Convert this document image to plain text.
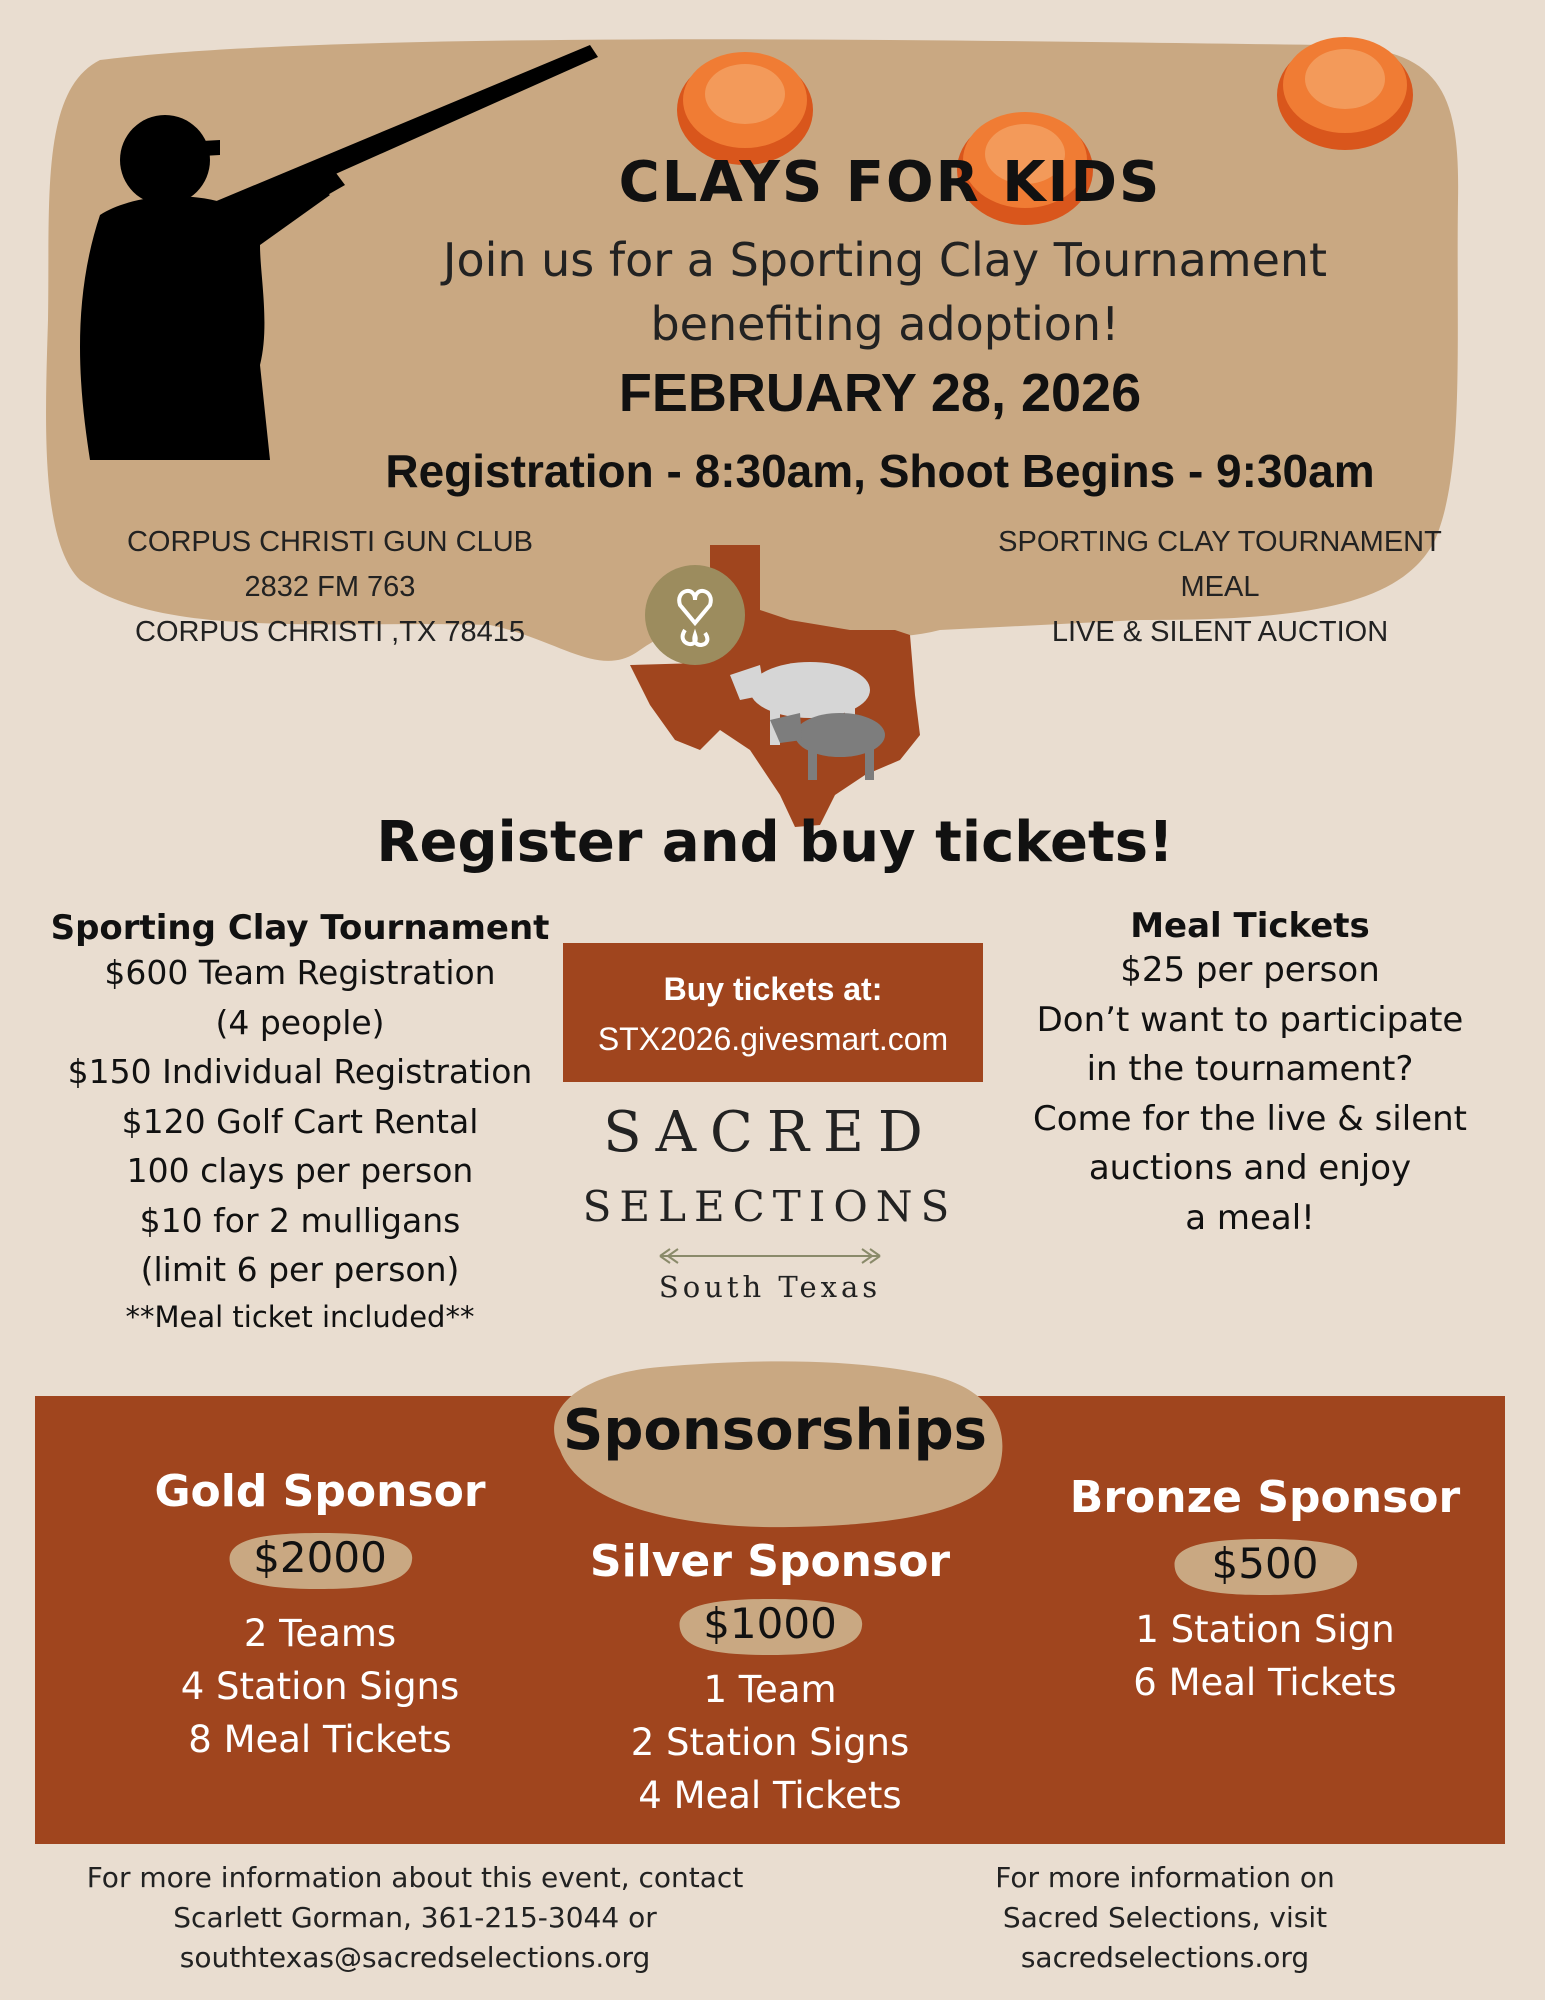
CLAYS FOR KIDS
Join us for a Sporting Clay Tournament
benefiting adoption!
FEBRUARY 28, 2026
Registration - 8:30am, Shoot Begins - 9:30am
CORPUS CHRISTI GUN CLUB
2832 FM 763
CORPUS CHRISTI ,TX 78415
SPORTING CLAY TOURNAMENT
MEAL
LIVE & SILENT AUCTION
Register and buy tickets!
Sporting Clay Tournament
$600 Team Registration
(4 people)
$150 Individual Registration
$120 Golf Cart Rental
100 clays per person
$10 for 2 mulligans
(limit 6 per person)
**Meal ticket included**
Buy tickets at:
STX2026.givesmart.com
SACRED
SELECTIONS
South Texas
Meal Tickets
$25 per person
Don’t want to participate
in the tournament?
Come for the live & silent
auctions and enjoy
a meal!
Sponsorships
Gold Sponsor
$2000
2 Teams
4 Station Signs
8 Meal Tickets
Silver Sponsor
$1000
1 Team
2 Station Signs
4 Meal Tickets
Bronze Sponsor
$500
1 Station Sign
6 Meal Tickets
For more information about this event, contact
Scarlett Gorman, 361-215-3044 or
southtexas@sacredselections.org
For more information on
Sacred Selections, visit
sacredselections.org
